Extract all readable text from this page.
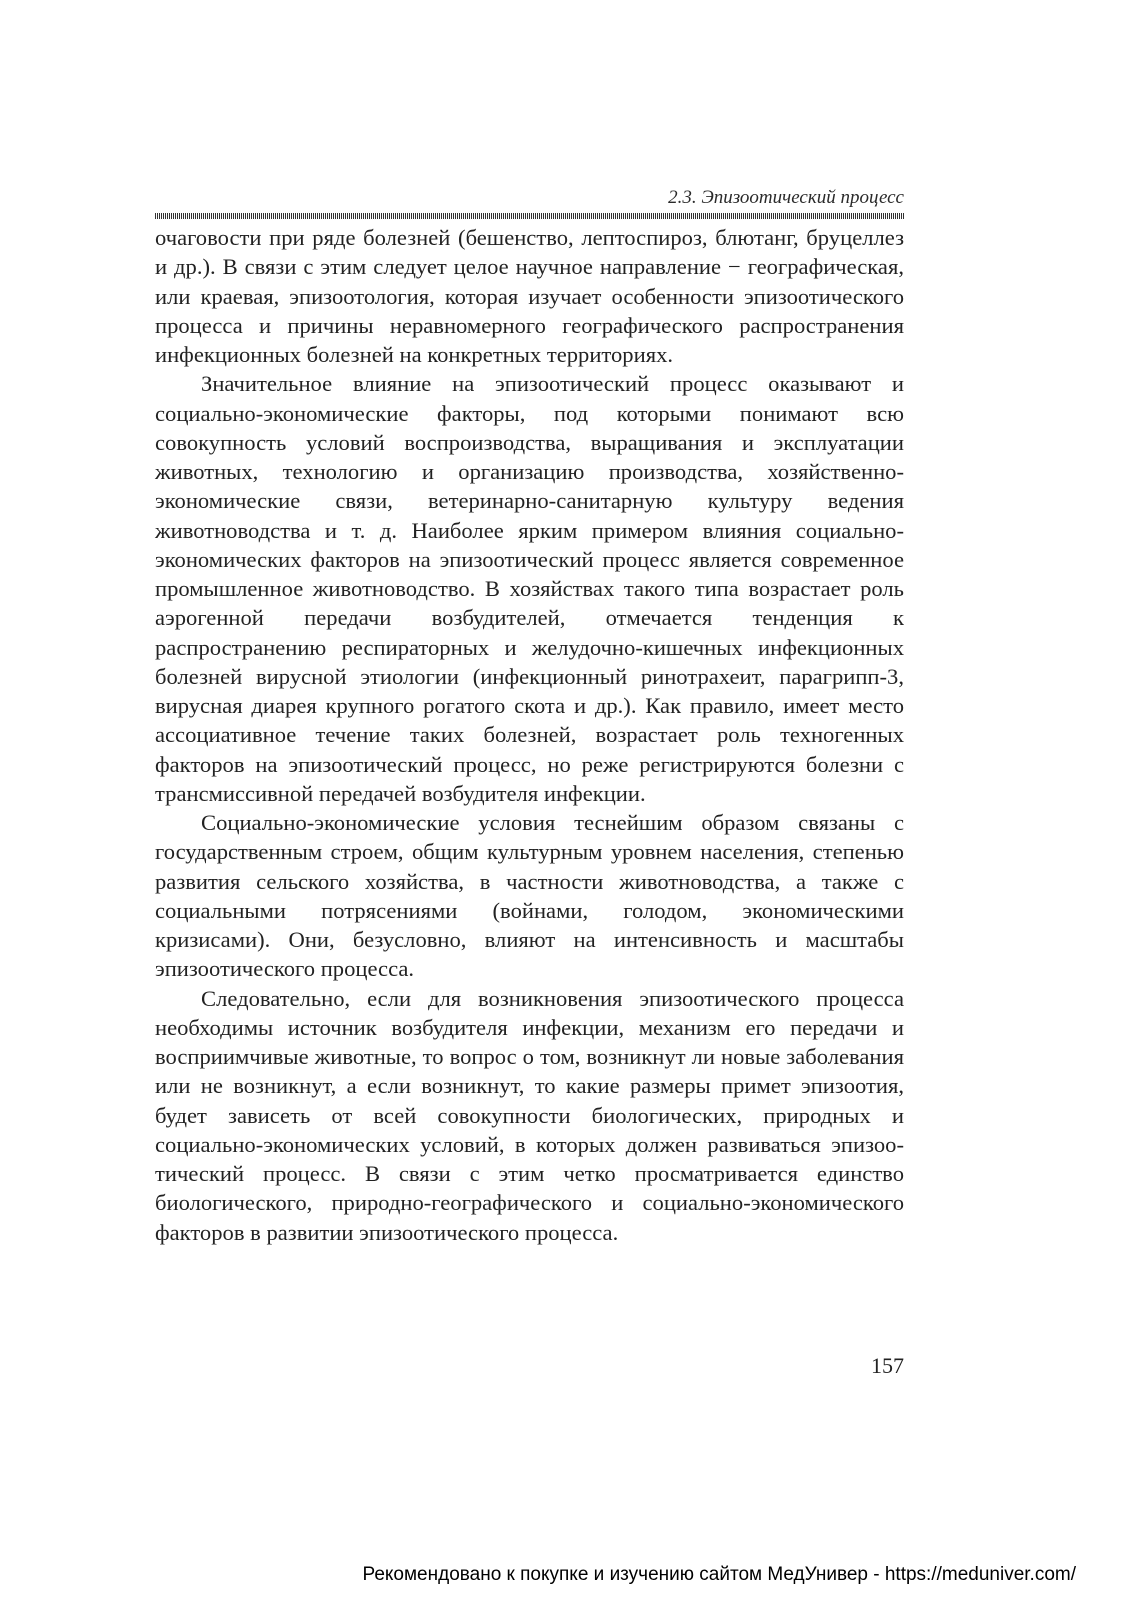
2.3. Эпизоотический процесс

очаговости при ряде болезней (бешенство, лептоспироз, блютанг, бруцеллез и др.). В связи с этим следует целое научное направление − географическая, или краевая, эпизоотология, которая изучает особенности эпизоотического процесса и причины неравномерного географического распространения инфекционных болезней на конкретных территориях.

Значительное влияние на эпизоотический процесс оказывают и социально-экономические факторы, под которыми понимают всю совокупность условий воспроизводства, выращивания и эксплуатации животных, технологию и организацию производства, хозяйственно-экономические связи, ветеринарно-санитарную культуру ведения животноводства и т. д. Наиболее ярким примером влияния социально-экономических факторов на эпизоотический процесс является современное промышленное животноводство. В хозяйствах такого типа возрастает роль аэрогенной передачи возбудителей, отмечается тенденция к распространению респираторных и желудочно-кишечных инфекционных болезней вирусной этиологии (инфекционный ринотрахеит, парагрипп-3, вирусная диарея крупного рогатого скота и др.). Как правило, имеет место ассоциативное течение таких болезней, возрастает роль техногенных факторов на эпизоотический процесс, но реже регистрируются болезни с трансмиссивной передачей возбудителя инфекции.

Социально-экономические условия теснейшим образом связаны с государственным строем, общим культурным уровнем населения, степенью развития сельского хозяйства, в частности животноводства, а также с социальными потрясениями (войнами, голодом, экономическими кризисами). Они, безусловно, влияют на интенсивность и масштабы эпизоотического процесса.

Следовательно, если для возникновения эпизоотического процесса необходимы источник возбудителя инфекции, механизм его передачи и восприимчивые животные, то вопрос о том, возникнут ли новые заболевания или не возникнут, а если возникнут, то какие размеры примет эпизоотия, будет зависеть от всей совокупности биологических, природных и социально-экономических условий, в которых должен развиваться эпизоотический процесс. В связи с этим четко просматривается единство биологического, природно-географического и социально-экономического факторов в развитии эпизоотического процесса.

157
Рекомендовано к покупке и изучению сайтом МедУнивер - https://meduniver.com/
